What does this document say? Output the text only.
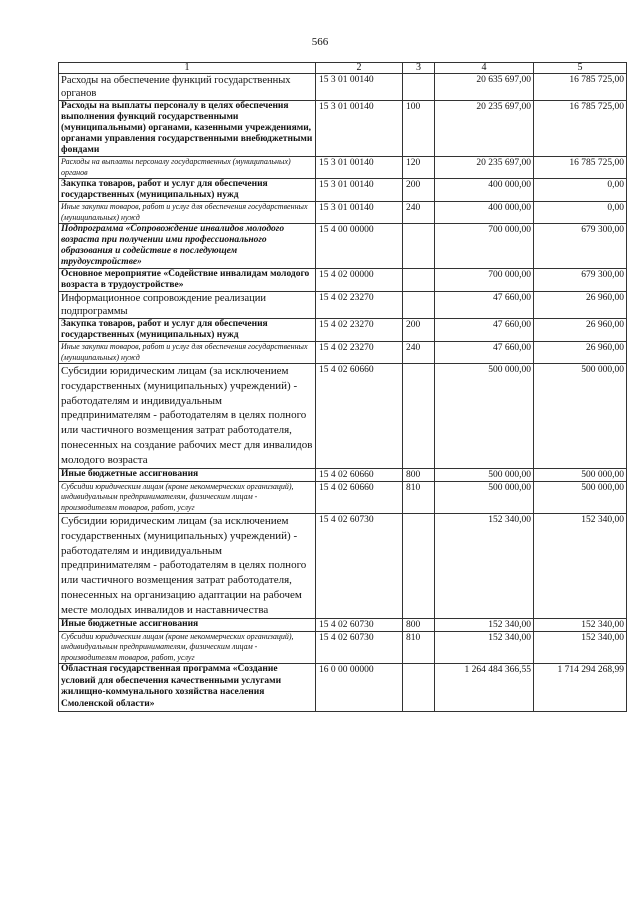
566
1	2	3	4	5
Расходы на обеспечение функций государственных органов	15 3 01 00140		20 635 697,00	16 785 725,00
Расходы на выплаты персоналу в целях обеспечения выполнения функций государственными (муниципальными) органами, казенными учреждениями, органами управления государственными внебюджетными фондами	15 3 01 00140	100	20 235 697,00	16 785 725,00
Расходы на выплаты персоналу государственных (муниципальных) органов	15 3 01 00140	120	20 235 697,00	16 785 725,00
Закупка товаров, работ и услуг для обеспечения государственных (муниципальных) нужд	15 3 01 00140	200	400 000,00	0,00
Иные закупки товаров, работ и услуг для обеспечения государственных (муниципальных) нужд	15 3 01 00140	240	400 000,00	0,00
Подпрограмма «Сопровождение инвалидов молодого возраста при получении ими профессионального образования и содействие в последующем трудоустройстве»	15 4 00 00000		700 000,00	679 300,00
Основное мероприятие «Содействие инвалидам молодого возраста в трудоустройстве»	15 4 02 00000		700 000,00	679 300,00
Информационное сопровождение реализации подпрограммы	15 4 02 23270		47 660,00	26 960,00
Закупка товаров, работ и услуг для обеспечения государственных (муниципальных) нужд	15 4 02 23270	200	47 660,00	26 960,00
Иные закупки товаров, работ и услуг для обеспечения государственных (муниципальных) нужд	15 4 02 23270	240	47 660,00	26 960,00
Субсидии юридическим лицам (за исключением государственных (муниципальных) учреждений) - работодателям и индивидуальным предпринимателям - работодателям в целях полного или частичного возмещения затрат работодателя, понесенных на создание рабочих мест для инвалидов молодого возраста	15 4 02 60660		500 000,00	500 000,00
Иные бюджетные ассигнования	15 4 02 60660	800	500 000,00	500 000,00
Субсидии юридическим лицам (кроме некоммерческих организаций), индивидуальным предпринимателям, физическим лицам - производителям товаров, работ, услуг	15 4 02 60660	810	500 000,00	500 000,00
Субсидии юридическим лицам (за исключением государственных (муниципальных) учреждений) - работодателям и индивидуальным предпринимателям - работодателям в целях полного или частичного возмещения затрат работодателя, понесенных на организацию адаптации на рабочем месте молодых инвалидов и наставничества	15 4 02 60730		152 340,00	152 340,00
Иные бюджетные ассигнования	15 4 02 60730	800	152 340,00	152 340,00
Субсидии юридическим лицам (кроме некоммерческих организаций), индивидуальным предпринимателям, физическим лицам - производителям товаров, работ, услуг	15 4 02 60730	810	152 340,00	152 340,00
Областная государственная программа «Создание условий для обеспечения качественными услугами жилищно-коммунального хозяйства населения Смоленской области»	16 0 00 00000		1 264 484 366,55	1 714 294 268,99
